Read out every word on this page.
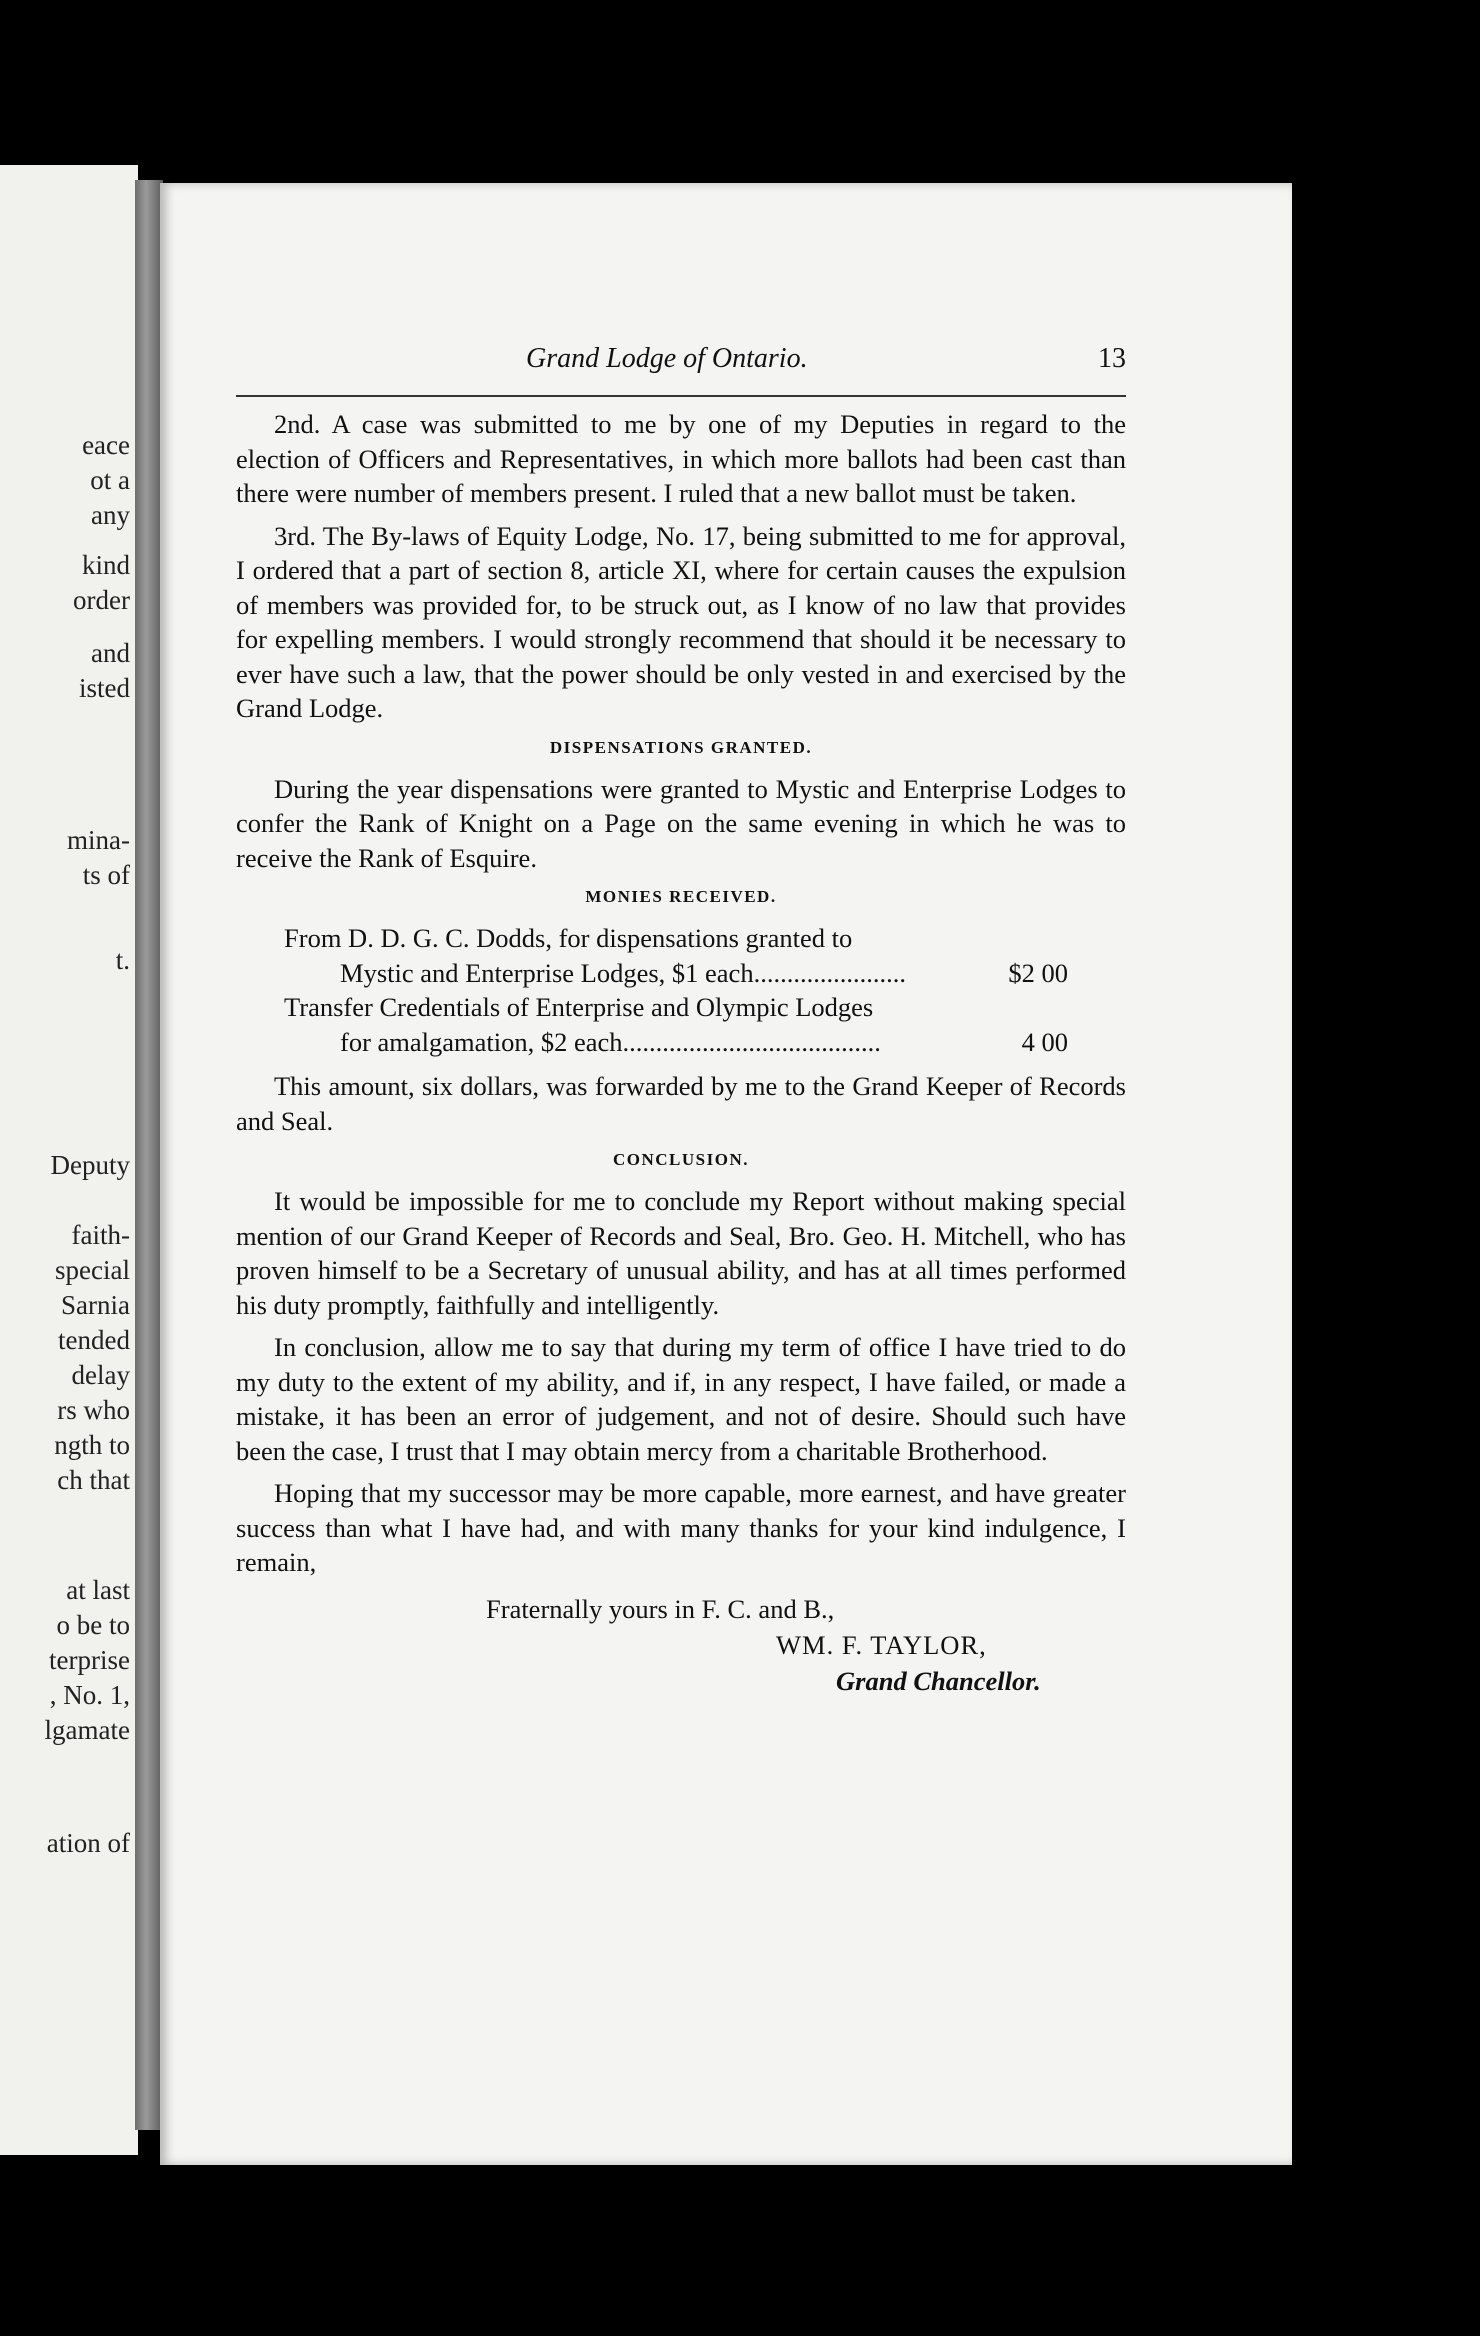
eace
ot a
any
kind
order
and
isted
mina-
ts of
t.
Deputy
faith-
special
Sarnia
tended
delay
rs who
ngth to
ch that
at last
o be to
terprise
, No. 1,
lgamate
ation of
Grand Lodge of Ontario.	13

2nd. A case was submitted to me by one of my Deputies in regard to the election of Officers and Representatives, in which more ballots had been cast than there were number of members present. I ruled that a new ballot must be taken.

3rd. The By-laws of Equity Lodge, No. 17, being submitted to me for approval, I ordered that a part of section 8, article XI, where for certain causes the expulsion of members was provided for, to be struck out, as I know of no law that provides for expelling members. I would strongly recommend that should it be necessary to ever have such a law, that the power should be only vested in and exercised by the Grand Lodge.

DISPENSATIONS GRANTED.

During the year dispensations were granted to Mystic and Enterprise Lodges to confer the Rank of Knight on a Page on the same evening in which he was to receive the Rank of Esquire.

MONIES RECEIVED.
From D. D. G. C. Dodds, for dispensations granted to
Mystic and Enterprise Lodges, $1 each.......................	$2 00
Transfer Credentials of Enterprise and Olympic Lodges
for amalgamation, $2 each.......................................	4 00

This amount, six dollars, was forwarded by me to the Grand Keeper of Records and Seal.

CONCLUSION.

It would be impossible for me to conclude my Report without making special mention of our Grand Keeper of Records and Seal, Bro. Geo. H. Mitchell, who has proven himself to be a Secretary of unusual ability, and has at all times performed his duty promptly, faithfully and intelligently.

In conclusion, allow me to say that during my term of office I have tried to do my duty to the extent of my ability, and if, in any respect, I have failed, or made a mistake, it has been an error of judgement, and not of desire. Should such have been the case, I trust that I may obtain mercy from a charitable Brotherhood.

Hoping that my successor may be more capable, more earnest, and have greater success than what I have had, and with many thanks for your kind indulgence, I remain,

Fraternally yours in F. C. and B.,
WM. F. TAYLOR,
Grand Chancellor.
